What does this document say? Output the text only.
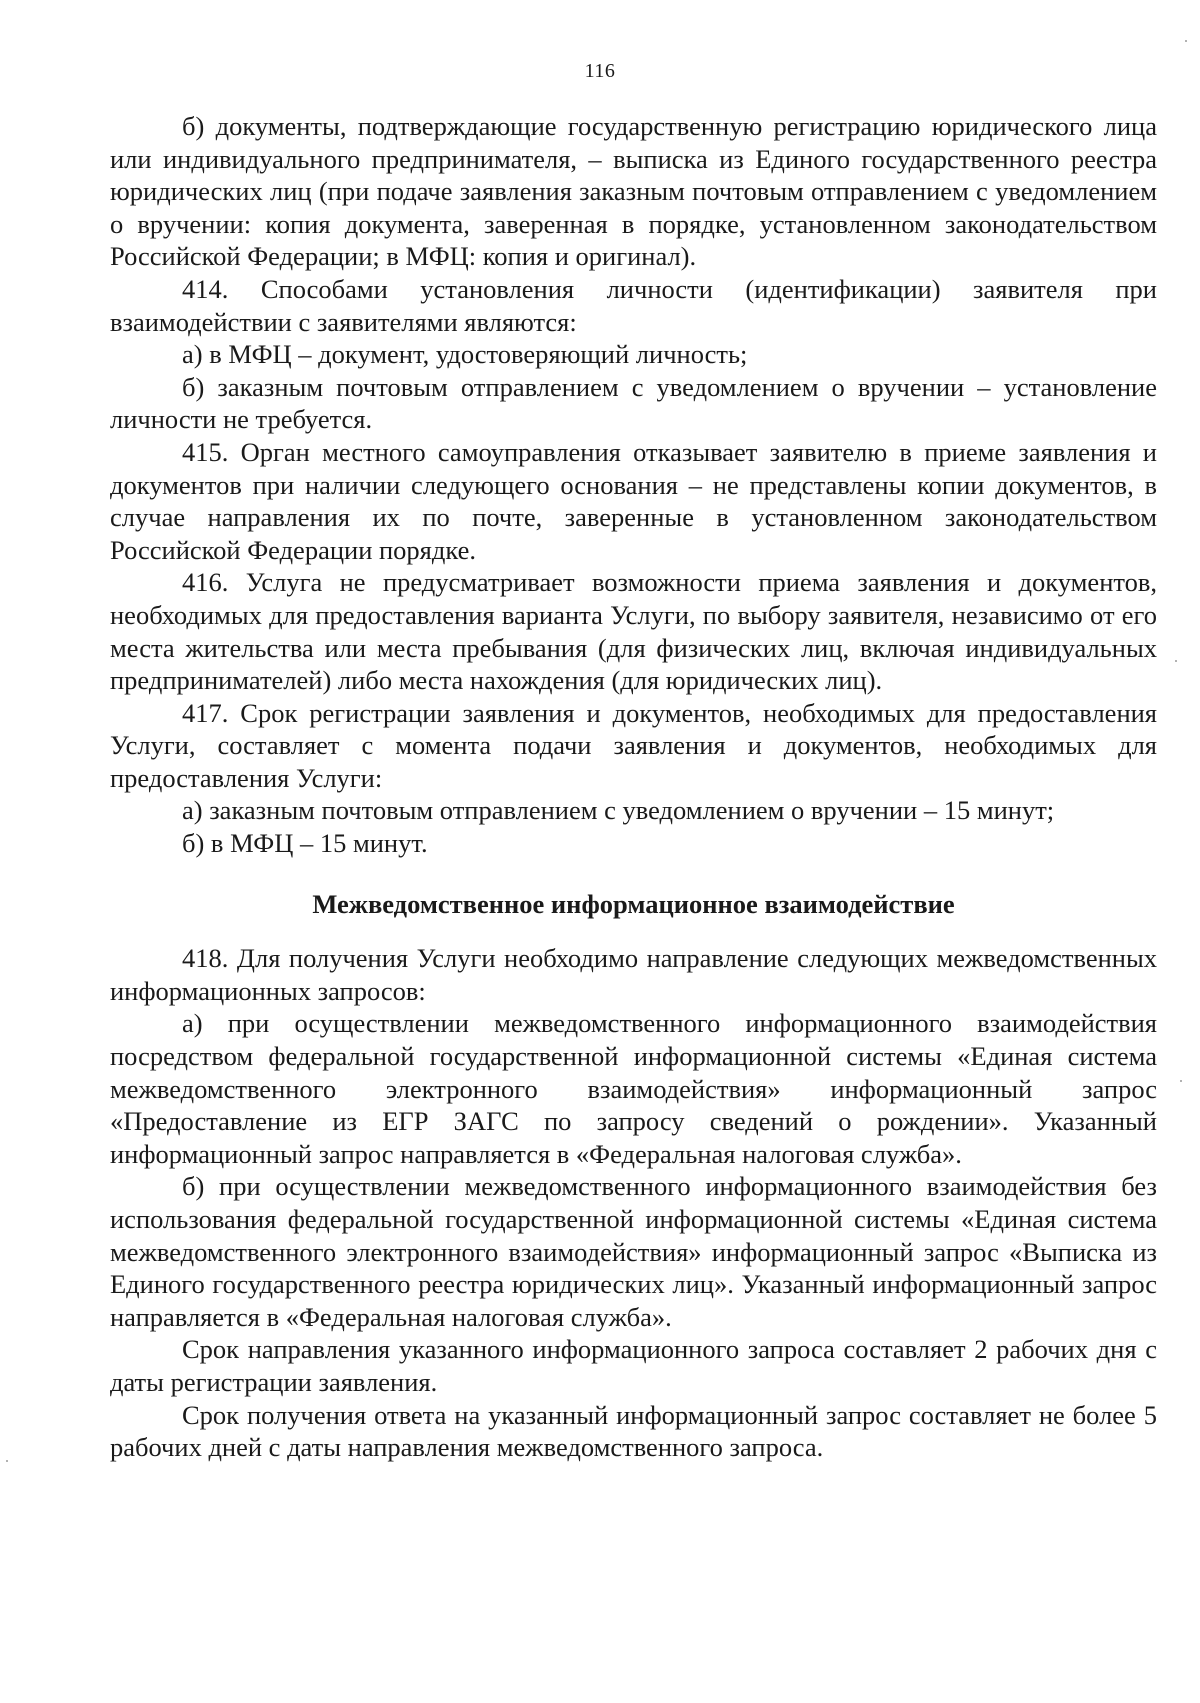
116

б) документы, подтверждающие государственную регистрацию юридического лица или индивидуального предпринимателя, – выписка из Единого государственного реестра юридических лиц (при подаче заявления заказным почтовым отправлением с уведомлением о вручении: копия документа, заверенная в порядке, установленном законодательством Российской Федерации; в МФЦ: копия и оригинал).

414. Способами установления личности (идентификации) заявителя при взаимодействии с заявителями являются:

а) в МФЦ – документ, удостоверяющий личность;

б) заказным почтовым отправлением с уведомлением о вручении – установление личности не требуется.

415. Орган местного самоуправления отказывает заявителю в приеме заявления и документов при наличии следующего основания – не представлены копии документов, в случае направления их по почте, заверенные в установленном законодательством Российской Федерации порядке.

416. Услуга не предусматривает возможности приема заявления и документов, необходимых для предоставления варианта Услуги, по выбору заявителя, независимо от его места жительства или места пребывания (для физических лиц, включая индивидуальных предпринимателей) либо места нахождения (для юридических лиц).

417. Срок регистрации заявления и документов, необходимых для предоставления Услуги, составляет с момента подачи заявления и документов, необходимых для предоставления Услуги:

а) заказным почтовым отправлением с уведомлением о вручении – 15 минут;

б) в МФЦ – 15 минут.

Межведомственное информационное взаимодействие

418. Для получения Услуги необходимо направление следующих межведомственных информационных запросов:

а) при осуществлении межведомственного информационного взаимодействия посредством федеральной государственной информационной системы «Единая система межведомственного электронного взаимодействия» информационный запрос «Предоставление из ЕГР ЗАГС по запросу сведений о рождении». Указанный информационный запрос направляется в «Федеральная налоговая служба».

б) при осуществлении межведомственного информационного взаимодействия без использования федеральной государственной информационной системы «Единая система межведомственного электронного взаимодействия» информационный запрос «Выписка из Единого государственного реестра юридических лиц». Указанный информационный запрос направляется в «Федеральная налоговая служба».

Срок направления указанного информационного запроса составляет 2 рабочих дня с даты регистрации заявления.

Срок получения ответа на указанный информационный запрос составляет не более 5 рабочих дней с даты направления межведомственного запроса.
